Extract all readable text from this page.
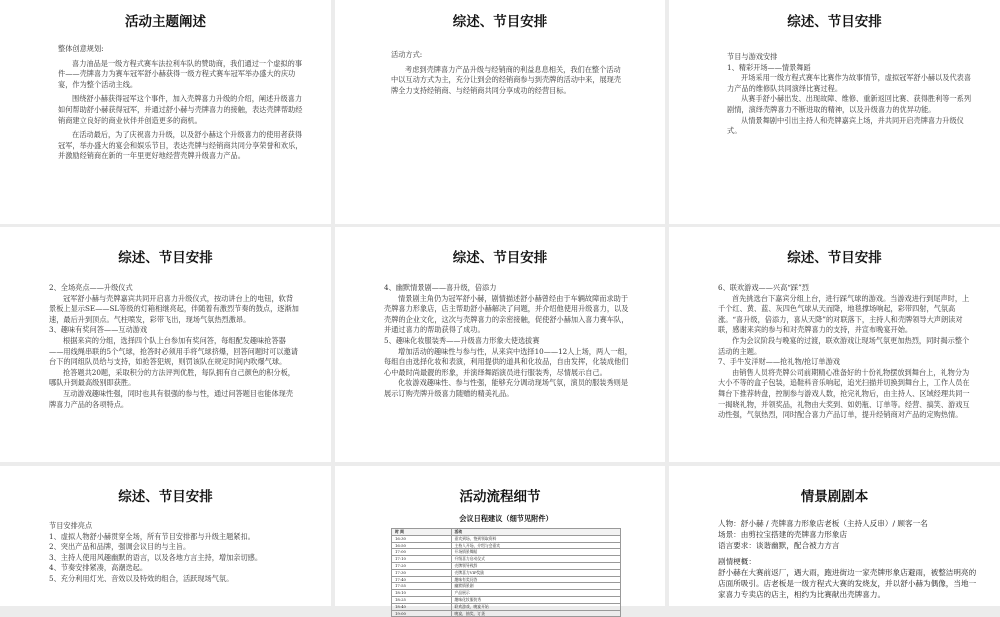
活动主题阐述

整体创意规划:

喜力油品是一级方程式赛车法拉利车队的赞助商，我们通过一个虚拟的事件——壳牌喜力为赛车冠军舒小赫获得一级方程式赛车冠军举办盛大的庆功宴，作为整个活动主线。

围绕舒小赫获得冠军这个事件，加入壳牌喜力升级的介绍，阐述升级喜力如何帮助舒小赫获得冠军，并通过舒小赫与壳牌喜力的接触，表达壳牌帮助经销商建立良好的商业伙伴并创造更多的商机。

在活动最后，为了庆祝喜力升级，以及舒小赫这个升级喜力的使用者获得冠军，举办盛大的宴会和娱乐节目，表达壳牌与经销商共同分享荣誉和欢乐，并激励经销商在新的一年里更好地经营壳牌升级喜力产品。

综述、节目安排

活动方式:

考虑到壳牌喜力产品升级与经销商的利益息息相关，我们在整个活动中以互动方式为主，充分让到会的经销商参与到壳牌的活动中来，展现壳牌全力支持经销商、与经销商共同分享成功的经营目标。

综述、节目安排

节目与游戏安排

1、精彩开场——情景舞蹈

开场采用一级方程式赛车比赛作为故事情节，虚拟冠军舒小赫以及代表喜力产品的维修队共同演绎比赛过程。

从赛手舒小赫出发、出现故障、维修、重新返回比赛、获得胜利等一系列剧情，演绎壳牌喜力不断进取的精神，以及升级喜力的优异功能。

从情景舞剧中引出主持人和壳牌嘉宾上场，并共同开启壳牌喜力升级仪式。

综述、节目安排

2、全场亮点——升级仪式

冠军舒小赫与壳牌嘉宾共同开启喜力升级仪式，按动讲台上的电钮，软背景板上显示SE——SL等级的灯箱相继亮起，伴随着有激烈节奏的鼓点，逐渐加速，最后升到顶点。气柱喷发，彩带飞出，现场气氛热烈激昂。

3、趣味有奖问答——互动游戏

根据来宾的分组，选择四个队上台参加有奖问答，每组配发趣味抢答器——用线绳串联的5个气球，抢答时必须用手将气球挤爆，回答问题时可以邀请台下的同组队员给与支持，如抢答犯规，则罚该队在规定时间内吹爆气球。

抢答题共20题，采取积分的方法评判优胜，每队拥有自己颜色的积分板，哪队升到最高级别即获胜。

互动游戏趣味性强，同时也具有很强的参与性，通过问答题目也能体现壳牌喜力产品的各项特点。

综述、节目安排

4、幽默情景剧——喜升级，倍添力

情景剧主角仍为冠军舒小赫，剧情描述舒小赫曾经由于车辆故障而求助于壳牌喜力形象店，店主帮助舒小赫解决了问题，并介绍他使用升级喜力，以及壳牌的企业文化，这次与壳牌喜力的亲密接触，促使舒小赫加入喜力赛车队，并通过喜力的帮助获得了成功。

5、趣味化妆服装秀——升级喜力形象大使选拔赛

增加活动的趣味性与参与性，从来宾中选择10——12人上场，两人一组，每组自由选择化妆和表演，利用提供的道具和化妆品，自由发挥，化装成他们心中最时尚最靓的形象，并演绎舞蹈演员进行服装秀，尽情展示自己。

化妆游戏趣味性、参与性强，能够充分调动现场气氛，演员的服装秀则是展示订购壳牌升级喜力随赠的精美礼品。

综述、节目安排

6、联欢游戏——兴高“踩”烈

首先挑选台下嘉宾分组上台，进行踩气球的游戏。当游戏进行到尾声时，上千个红、黄、蓝、灰四色气球从天而降，地毯撑场响起，彩带四射，气氛高涨。“喜升级，倍添力，喜从天降”的对联落下，主持人和壳牌领导大声朗读对联，感谢来宾的参与和对壳牌喜力的支持，并宣布晚宴开始。

作为会议阶段与晚宴的过渡，联欢游戏让现场气氛更加热烈，同时揭示整个活动的主题。

7、手牛发洋财——抢礼物/抢订单游戏

由销售人员将壳牌公司前期精心准备好的十份礼物摆放到舞台上，礼物分为大小不等的盒子包装，追鞋科音乐响起，追光扫描并切换到舞台上，工作人员在舞台下推荐转盘，控制参与游戏人数，抢完礼物后，由主持人、区域经理共同一一揭晓礼物，并领奖品，礼物由大奖到、如奶瓶、订单等。经营、搞笑、游戏互动性强，气氛热烈，同时配合喜力产品订单，提升经销商对产品的定购热情。

综述、节目安排

节目安排亮点

1、虚拟人物舒小赫贯穿全场，所有节目安排都与升级主题紧扣。

2、突出产品和品牌，强调会议目的与主旨。

3、主持人使用风趣幽默的语言，以及各地方言主持，增加亲切感。

4、节奏安排紧凑，高潮迭起。

5、充分利用灯光、音效以及特效的组合，活跃现场气氛。

活动流程细节
会议日程建议（细节见附件）
时 间	活动
16:30	嘉宾到场，签到领取资料
16:50	主持人开场，介绍与会嘉宾
17:00	开场情景舞蹈
17:10	升级喜力启动仪式
17:20	壳牌领导致辞
17:30	壳牌喜力VIP奖励
17:40	趣味有奖问答
17:55	幽默情景剧
18:10	产品展示
18:25	趣味化妆服装秀
18:40	联欢游戏，晚宴开始
19:00	晚宴，抽奖，订货
情景剧剧本

人物：舒小赫 / 壳牌喜力形象店老板（主持人反串）/ 顾客一名

场景：由剪拉宝搭建的壳牌喜力形象店

语言要求：谈谐幽默，配合被力方言

剧情梗概：

舒小赫在大赛前返厂，遇大雨，跑进街边一家壳牌形象店避雨，被整洁明亮的店面所吸引。店老板是一级方程式大赛的发烧友，并以舒小赫为偶像，当地一家喜力专卖店的店主，相约为比赛献出壳牌喜力。
